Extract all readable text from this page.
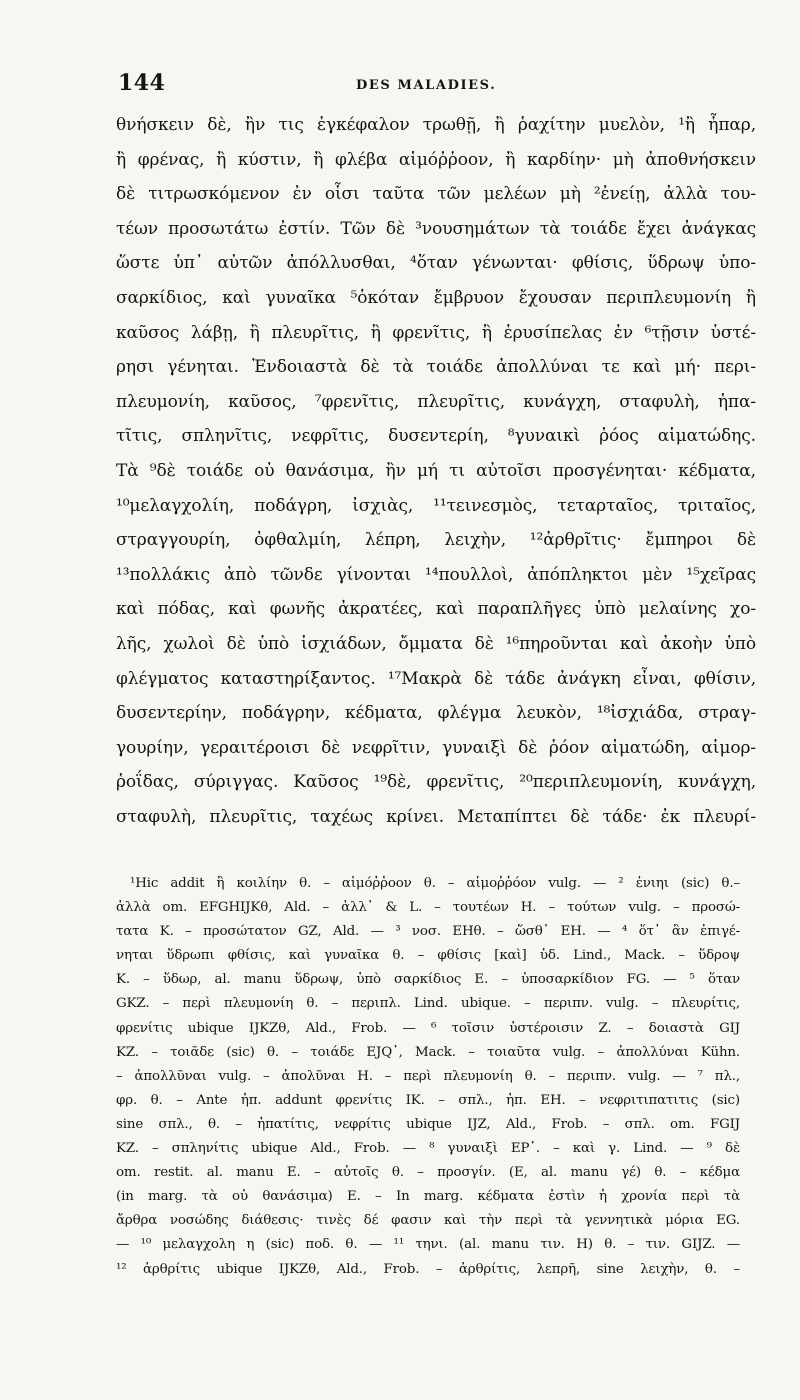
144	DES MALADIES.
θνήσκειν δὲ, ἢν τις ἐγκέφαλον τρωθῇ, ἢ ῥαχίτην μυελὸν, ¹ἢ ἧπαρ,
ἢ φρένας, ἢ κύστιν, ἢ φλέβα αἱμόῤῥοον, ἢ καρδίην· μὴ ἀποθνήσκειν
δὲ τιτρωσκόμενον ἐν οἷσι ταῦτα τῶν μελέων μὴ ²ἐνείῃ, ἀλλὰ του-
τέων προσωτάτω ἐστίν. Τῶν δὲ ³νουσημάτων τὰ τοιάδε ἔχει ἀνάγκας
ὥστε ὑπ᾽ αὐτῶν ἀπόλλυσθαι, ⁴ὅταν γένωνται· φθίσις, ὕδρωψ ὑπο-
σαρκίδιος, καὶ γυναῖκα ⁵ὁκόταν ἔμβρυον ἔχουσαν περιπλευμονίη ἢ
καῦσος λάβῃ, ἢ πλευρῖτις, ἢ φρενῖτις, ἢ ἐρυσίπελας ἐν ⁶τῇσιν ὑστέ-
ρησι γένηται. Ἐνδοιαστὰ δὲ τὰ τοιάδε ἀπολλύναι τε καὶ μή· περι-
πλευμονίη, καῦσος, ⁷φρενῖτις, πλευρῖτις, κυνάγχη, σταφυλὴ, ἡπα-
τῖτις, σπληνῖτις, νεφρῖτις, δυσεντερίη, ⁸γυναικὶ ῥόος αἱματώδης.
Τὰ ⁹δὲ τοιάδε οὐ θανάσιμα, ἢν μή τι αὐτοῖσι προσγένηται· κέδματα,
¹⁰μελαγχολίη, ποδάγρη, ἰσχιὰς, ¹¹τεινεσμὸς, τεταρταῖος, τριταῖος,
στραγγουρίη, ὀφθαλμίη, λέπρη, λειχὴν, ¹²ἀρθρῖτις· ἔμπηροι δὲ
¹³πολλάκις ἀπὸ τῶνδε γίνονται ¹⁴πουλλοὶ, ἀπόπληκτοι μὲν ¹⁵χεῖρας
καὶ πόδας, καὶ φωνῆς ἀκρατέες, καὶ παραπλῆγες ὑπὸ μελαίνης χο-
λῆς, χωλοὶ δὲ ὑπὸ ἰσχιάδων, ὄμματα δὲ ¹⁶πηροῦνται καὶ ἀκοὴν ὑπὸ
φλέγματος καταστηρίξαντος. ¹⁷Μακρὰ δὲ τάδε ἀνάγκη εἶναι, φθίσιν,
δυσεντερίην, ποδάγρην, κέδματα, φλέγμα λευκὸν, ¹⁸ἰσχιάδα, στραγ-
γουρίην, γεραιτέροισι δὲ νεφρῖτιν, γυναιξὶ δὲ ῥόον αἱματώδη, αἱμορ-
ῥοΐδας, σύριγγας. Καῦσος ¹⁹δὲ, φρενῖτις, ²⁰περιπλευμονίη, κυνάγχη,
σταφυλὴ, πλευρῖτις, ταχέως κρίνει. Μεταπίπτει δὲ τάδε· ἐκ πλευρί-
¹Hic addit ἢ κοιλίην θ. – αἱμόῤῥοον θ. – αἱμοῤῥόον vulg. — ² ἐνιηι (sic) θ.–
ἀλλὰ om. EFGHIJKθ, Ald. – ἀλλ᾽ & L. – τουτέων H. – τούτων vulg. – προσώ-
τατα K. – προσώτατον GZ, Ald. — ³ νοσ. EHθ. – ὥσθ᾽ EH. — ⁴ ὅτ᾽ ἂν ἐπιγέ-
νηται ὕδρωπι φθίσις, καὶ γυναῖκα θ. – φθίσις [καὶ] ὑδ. Lind., Mack. – ὕδροψ
K. – ὕδωρ, al. manu ὕδρωψ, ὑπὸ σαρκίδιος E. – ὑποσαρκίδιον FG. — ⁵ ὅταν
GKZ. – περὶ πλευμονίη θ. – περιπλ. Lind. ubique. – περιπν. vulg. – πλευρίτις,
φρενίτις ubique IJKZθ, Ald., Frob. — ⁶ τοῖσιν ὑστέροισιν Z. – δοιαστὰ GIJ
KZ. – τοιᾶδε (sic) θ. – τοιάδε EJQ᾽, Mack. – τοιαῦτα vulg. – ἀπολλύναι Kühn.
– ἀπολλῦναι vulg. – ἀπολῦναι H. – περὶ πλευμονίη θ. – περιπν. vulg. — ⁷ πλ.,
φρ. θ. – Ante ἠπ. addunt φρενίτις IK. – σπλ., ἠπ. EH. – νεφριτιπατιτις (sic)
sine σπλ., θ. – ἠπατίτις, νεφρίτις ubique IJZ, Ald., Frob. – σπλ. om. FGIJ
KZ. – σπληνίτις ubique Ald., Frob. — ⁸ γυναιξὶ EP᾽. – καὶ γ. Lind. — ⁹ δὲ
om. restit. al. manu E. – αὐτοῖς θ. – προσγίν. (E, al. manu γέ) θ. – κέδμα
(in marg. τὰ οὐ θανάσιμα) E. – In marg. κέδματα ἐστὶν ἡ χρονία περὶ τὰ
ἄρθρα νοσώδης διάθεσις· τινὲς δέ φασιν καὶ τὴν περὶ τὰ γεννητικὰ μόρια EG.
— ¹⁰ μελαγχολη η (sic) ποδ. θ. — ¹¹ τηνι. (al. manu τιν. H) θ. – τιν. GIJZ. —
¹² ἀρθρίτις ubique IJKZθ, Ald., Frob. – ἀρθρίτις, λεπρῆ, sine λειχὴν, θ. –
